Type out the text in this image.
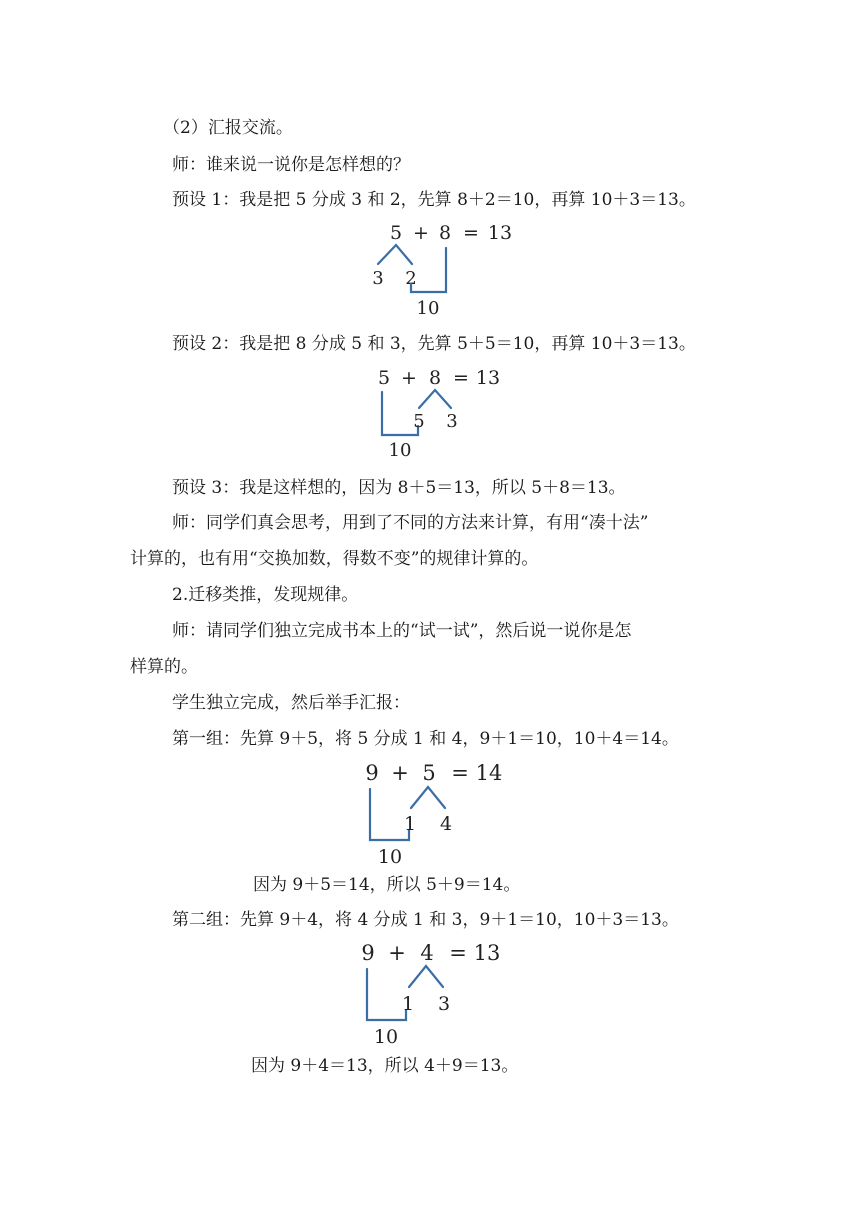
（2）汇报交流。
师：谁来说一说你是怎样想的？
预设 1：我是把 5 分成 3 和 2，先算 8＋2＝10，再算 10＋3＝13。
5 + 8 = 13
3 2
10
预设 2：我是把 8 分成 5 和 3，先算 5＋5＝10，再算 10＋3＝13。
5 + 8 = 13
5 3
10
预设 3：我是这样想的，因为 8＋5＝13，所以 5＋8＝13。
师：同学们真会思考，用到了不同的方法来计算，有用“凑十法”
计算的，也有用“交换加数，得数不变”的规律计算的。
2.迁移类推，发现规律。
师：请同学们独立完成书本上的“试一试”，然后说一说你是怎
样算的。
学生独立完成，然后举手汇报：
第一组：先算 9＋5，将 5 分成 1 和 4，9＋1＝10，10＋4＝14。
9 + 5 = 14
1 4
10
因为 9＋5＝14，所以 5＋9＝14。
第二组：先算 9＋4，将 4 分成 1 和 3，9＋1＝10，10＋3＝13。
9 + 4 = 13
1 3
10
因为 9＋4＝13，所以 4＋9＝13。
